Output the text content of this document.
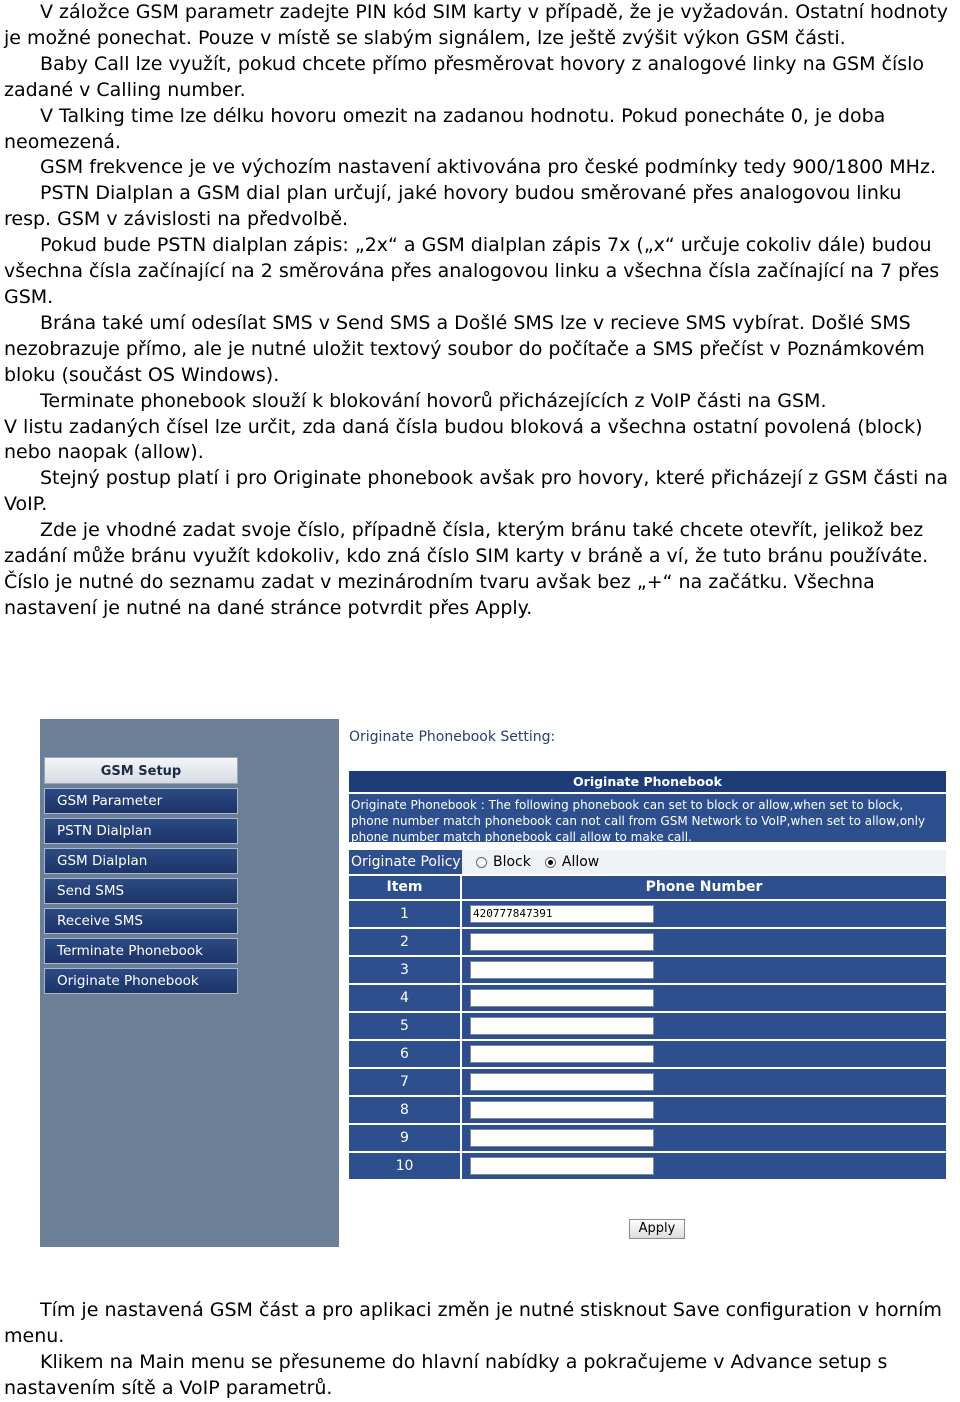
V záložce GSM parametr zadejte PIN kód SIM karty v případě, že je vyžadován. Ostatní hodnoty je možné ponechat. Pouze v místě se slabým signálem, lze ještě zvýšit výkon GSM části.

Baby Call lze využít, pokud chcete přímo přesměrovat hovory z analogové linky na GSM číslo zadané v Calling number.

V Talking time lze délku hovoru omezit na zadanou hodnotu. Pokud ponecháte 0, je doba neomezená.

GSM frekvence je ve výchozím nastavení aktivována pro české podmínky tedy 900/1800 MHz.

PSTN Dialplan a GSM dial plan určují, jaké hovory budou směrované přes analogovou linku resp. GSM v závislosti na předvolbě.

Pokud bude PSTN dialplan zápis: „2x“ a GSM dialplan zápis 7x („x“ určuje cokoliv dále) budou všechna čísla začínající na 2 směrována přes analogovou linku a všechna čísla začínající na 7 přes GSM.

Brána také umí odesílat SMS v Send SMS a Došlé SMS lze v recieve SMS vybírat. Došlé SMS nezobrazuje přímo, ale je nutné uložit textový soubor do počítače a SMS přečíst v Poznámkovém bloku (součást OS Windows).

Terminate phonebook slouží k blokování hovorů přicházejících z VoIP části na GSM.

V listu zadaných čísel lze určit, zda daná čísla budou bloková a všechna ostatní povolená (block) nebo naopak (allow).

Stejný postup platí i pro Originate phonebook avšak pro hovory, které přicházejí z GSM části na VoIP.

Zde je vhodné zadat svoje číslo, případně čísla, kterým bránu také chcete otevřít, jelikož bez zadání může bránu využít kdokoliv, kdo zná číslo SIM karty v bráně a ví, že tuto bránu používáte. Číslo je nutné do seznamu zadat v mezinárodním tvaru avšak bez „+“ na začátku. Všechna nastavení je nutné na dané stránce potvrdit přes Apply.

GSM Setup
GSM Parameter
PSTN Dialplan
GSM Dialplan
Send SMS
Receive SMS
Terminate Phonebook
Originate Phonebook
Originate Phonebook Setting:
Originate Phonebook
Originate Phonebook : The following phonebook can set to block or allow,when set to block, phone number match phonebook can not call from GSM Network to VoIP,when set to allow,only phone number match phonebook call allow to make call.
Originate Policy Block Allow
Item	Phone Number
1	420777847391
2
3
4
5
6
7
8
9
10
Apply

Tím je nastavená GSM část a pro aplikaci změn je nutné stisknout Save configuration v horním menu.

Klikem na Main menu se přesuneme do hlavní nabídky a pokračujeme v Advance setup s nastavením sítě a VoIP parametrů.
